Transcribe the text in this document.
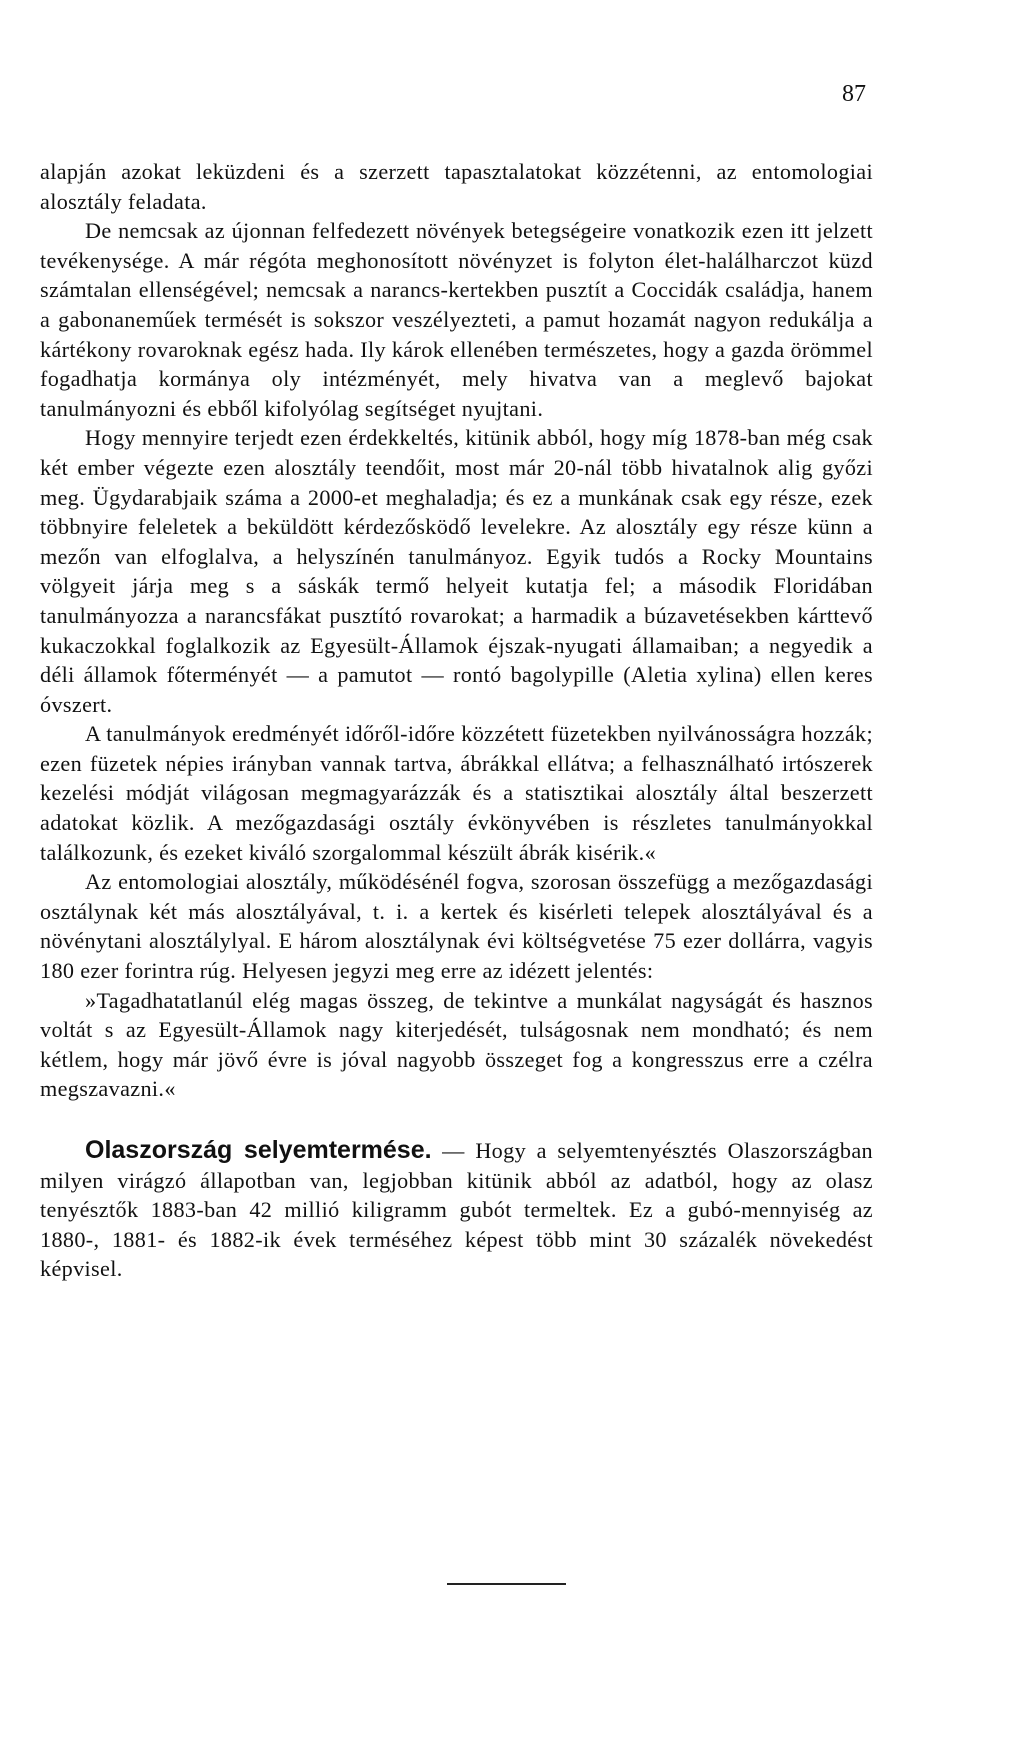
87

alapján azokat leküzdeni és a szerzett tapasztalatokat közzétenni, az entomologiai alosztály feladata.

De nemcsak az újonnan felfedezett növények betegségeire vonatkozik ezen itt jelzett tevékenysége. A már régóta meghonosított növényzet is folyton élet-halálharczot küzd számtalan ellenségével; nemcsak a narancs-kertekben pusztít a Coccidák családja, hanem a gabonaneműek termését is sokszor veszélyezteti, a pamut hozamát nagyon redukálja a kártékony rovaroknak egész hada. Ily károk ellenében természetes, hogy a gazda örömmel fogadhatja kormánya oly intézményét, mely hivatva van a meglevő bajokat tanulmányozni és ebből kifolyólag segítséget nyujtani.

Hogy mennyire terjedt ezen érdekkeltés, kitünik abból, hogy míg 1878-ban még csak két ember végezte ezen alosztály teendőit, most már 20-nál több hivatalnok alig győzi meg. Ügydarabjaik száma a 2000-et meghaladja; és ez a munkának csak egy része, ezek többnyire feleletek a beküldött kérdezősködő levelekre. Az alosztály egy része künn a mezőn van elfoglalva, a helyszínén tanulmányoz. Egyik tudós a Rocky Mountains völgyeit járja meg s a sáskák termő helyeit kutatja fel; a második Floridában tanulmányozza a narancsfákat pusztító rovarokat; a harmadik a búzavetésekben kárttevő kukaczokkal foglalkozik az Egyesült-Államok éjszak-nyugati államaiban; a negyedik a déli államok főterményét — a pamutot — rontó bagolypille (Aletia xylina) ellen keres óvszert.

A tanulmányok eredményét időről-időre közzétett füzetekben nyilvánosságra hozzák; ezen füzetek népies irányban vannak tartva, ábrákkal ellátva; a felhasználható irtószerek kezelési módját világosan megmagyarázzák és a statisztikai alosztály által beszerzett adatokat közlik. A mezőgazdasági osztály évkönyvében is részletes tanulmányokkal találkozunk, és ezeket kiváló szorgalommal készült ábrák kisérik.«

Az entomologiai alosztály, működésénél fogva, szorosan összefügg a mezőgazdasági osztálynak két más alosztályával, t. i. a kertek és kisérleti telepek alosztályával és a növénytani alosztálylyal. E három alosztálynak évi költségvetése 75 ezer dollárra, vagyis 180 ezer forintra rúg. Helyesen jegyzi meg erre az idézett jelentés:

»Tagadhatatlanúl elég magas összeg, de tekintve a munkálat nagyságát és hasznos voltát s az Egyesült-Államok nagy kiterjedését, tulságosnak nem mondható; és nem kétlem, hogy már jövő évre is jóval nagyobb összeget fog a kongresszus erre a czélra megszavazni.«

Olaszország selyemtermése. — Hogy a selyemtenyésztés Olaszországban milyen virágzó állapotban van, legjobban kitünik abból az adatból, hogy az olasz tenyésztők 1883-ban 42 millió kiligramm gubót termeltek. Ez a gubó-mennyiség az 1880-, 1881- és 1882-ik évek terméséhez képest több mint 30 százalék növekedést képvisel.
